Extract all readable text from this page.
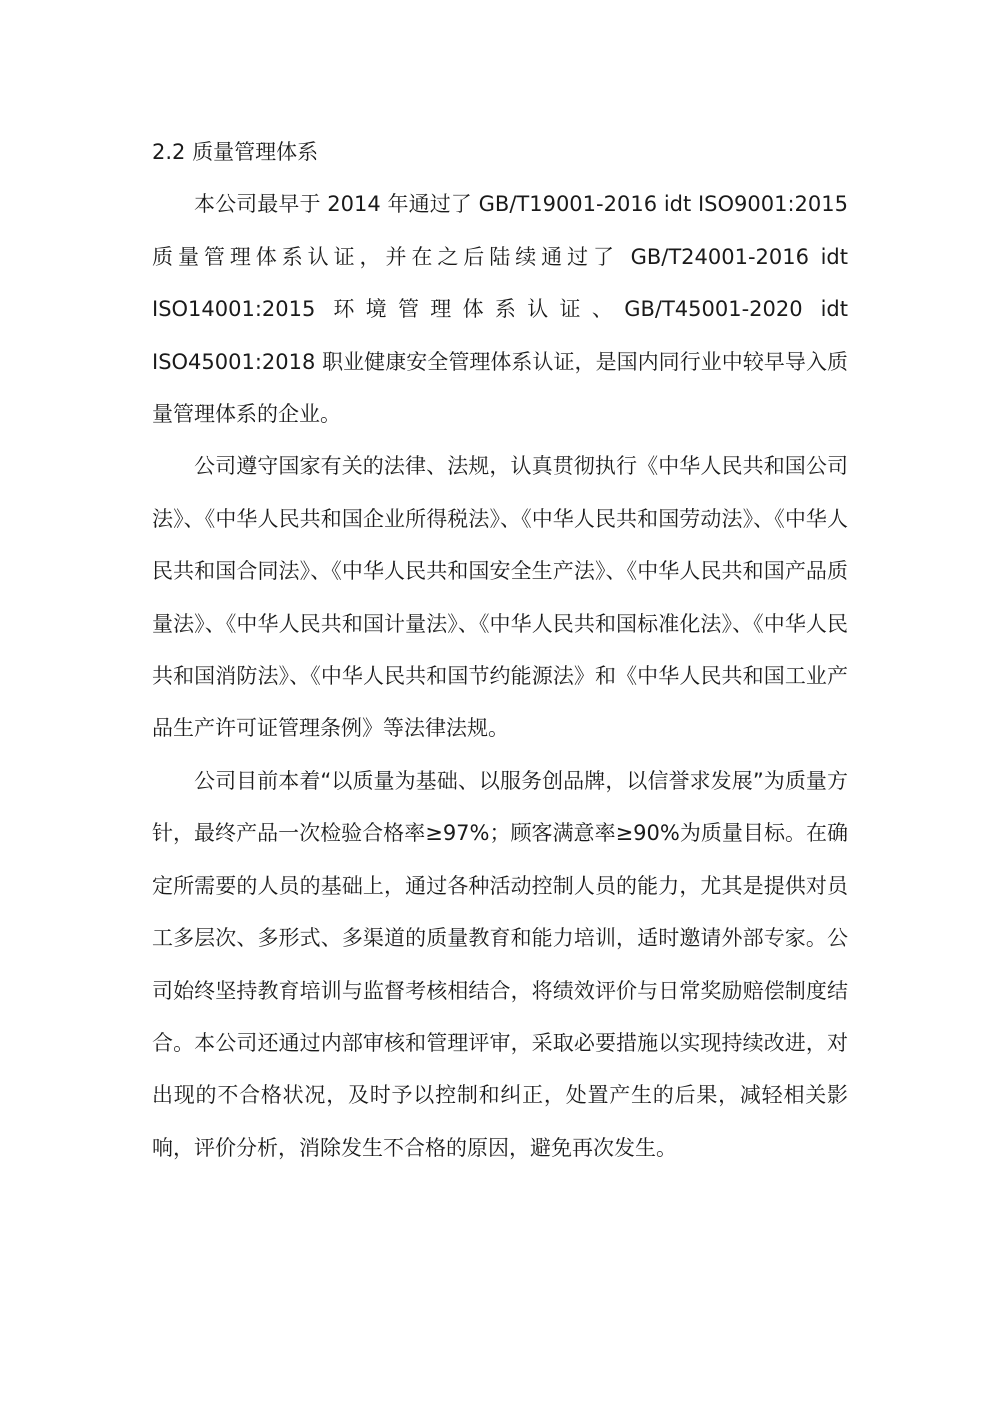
2.2 质量管理体系

本公司最早于 2014 年通过了 GB/T19001-2016 idt ISO9001:2015 质量管理体系认证，并在之后陆续通过了 GB/T24001-2016 idt ISO14001:2015 环境管理体系认证、GB/T45001-2020 idt ISO45001:2018 职业健康安全管理体系认证，是国内同行业中较早导入质量管理体系的企业。

公司遵守国家有关的法律、法规，认真贯彻执行《中华人民共和国公司法》、《中华人民共和国企业所得税法》、《中华人民共和国劳动法》、《中华人民共和国合同法》、《中华人民共和国安全生产法》、《中华人民共和国产品质量法》、《中华人民共和国计量法》、《中华人民共和国标准化法》、《中华人民共和国消防法》、《中华人民共和国节约能源法》和《中华人民共和国工业产品生产许可证管理条例》等法律法规。

公司目前本着“以质量为基础、以服务创品牌，以信誉求发展”为质量方针，最终产品一次检验合格率≥97%；顾客满意率≥90%为质量目标。在确定所需要的人员的基础上，通过各种活动控制人员的能力，尤其是提供对员工多层次、多形式、多渠道的质量教育和能力培训，适时邀请外部专家。公司始终坚持教育培训与监督考核相结合，将绩效评价与日常奖励赔偿制度结合。本公司还通过内部审核和管理评审，采取必要措施以实现持续改进，对出现的不合格状况，及时予以控制和纠正，处置产生的后果，减轻相关影响，评价分析，消除发生不合格的原因，避免再次发生。
